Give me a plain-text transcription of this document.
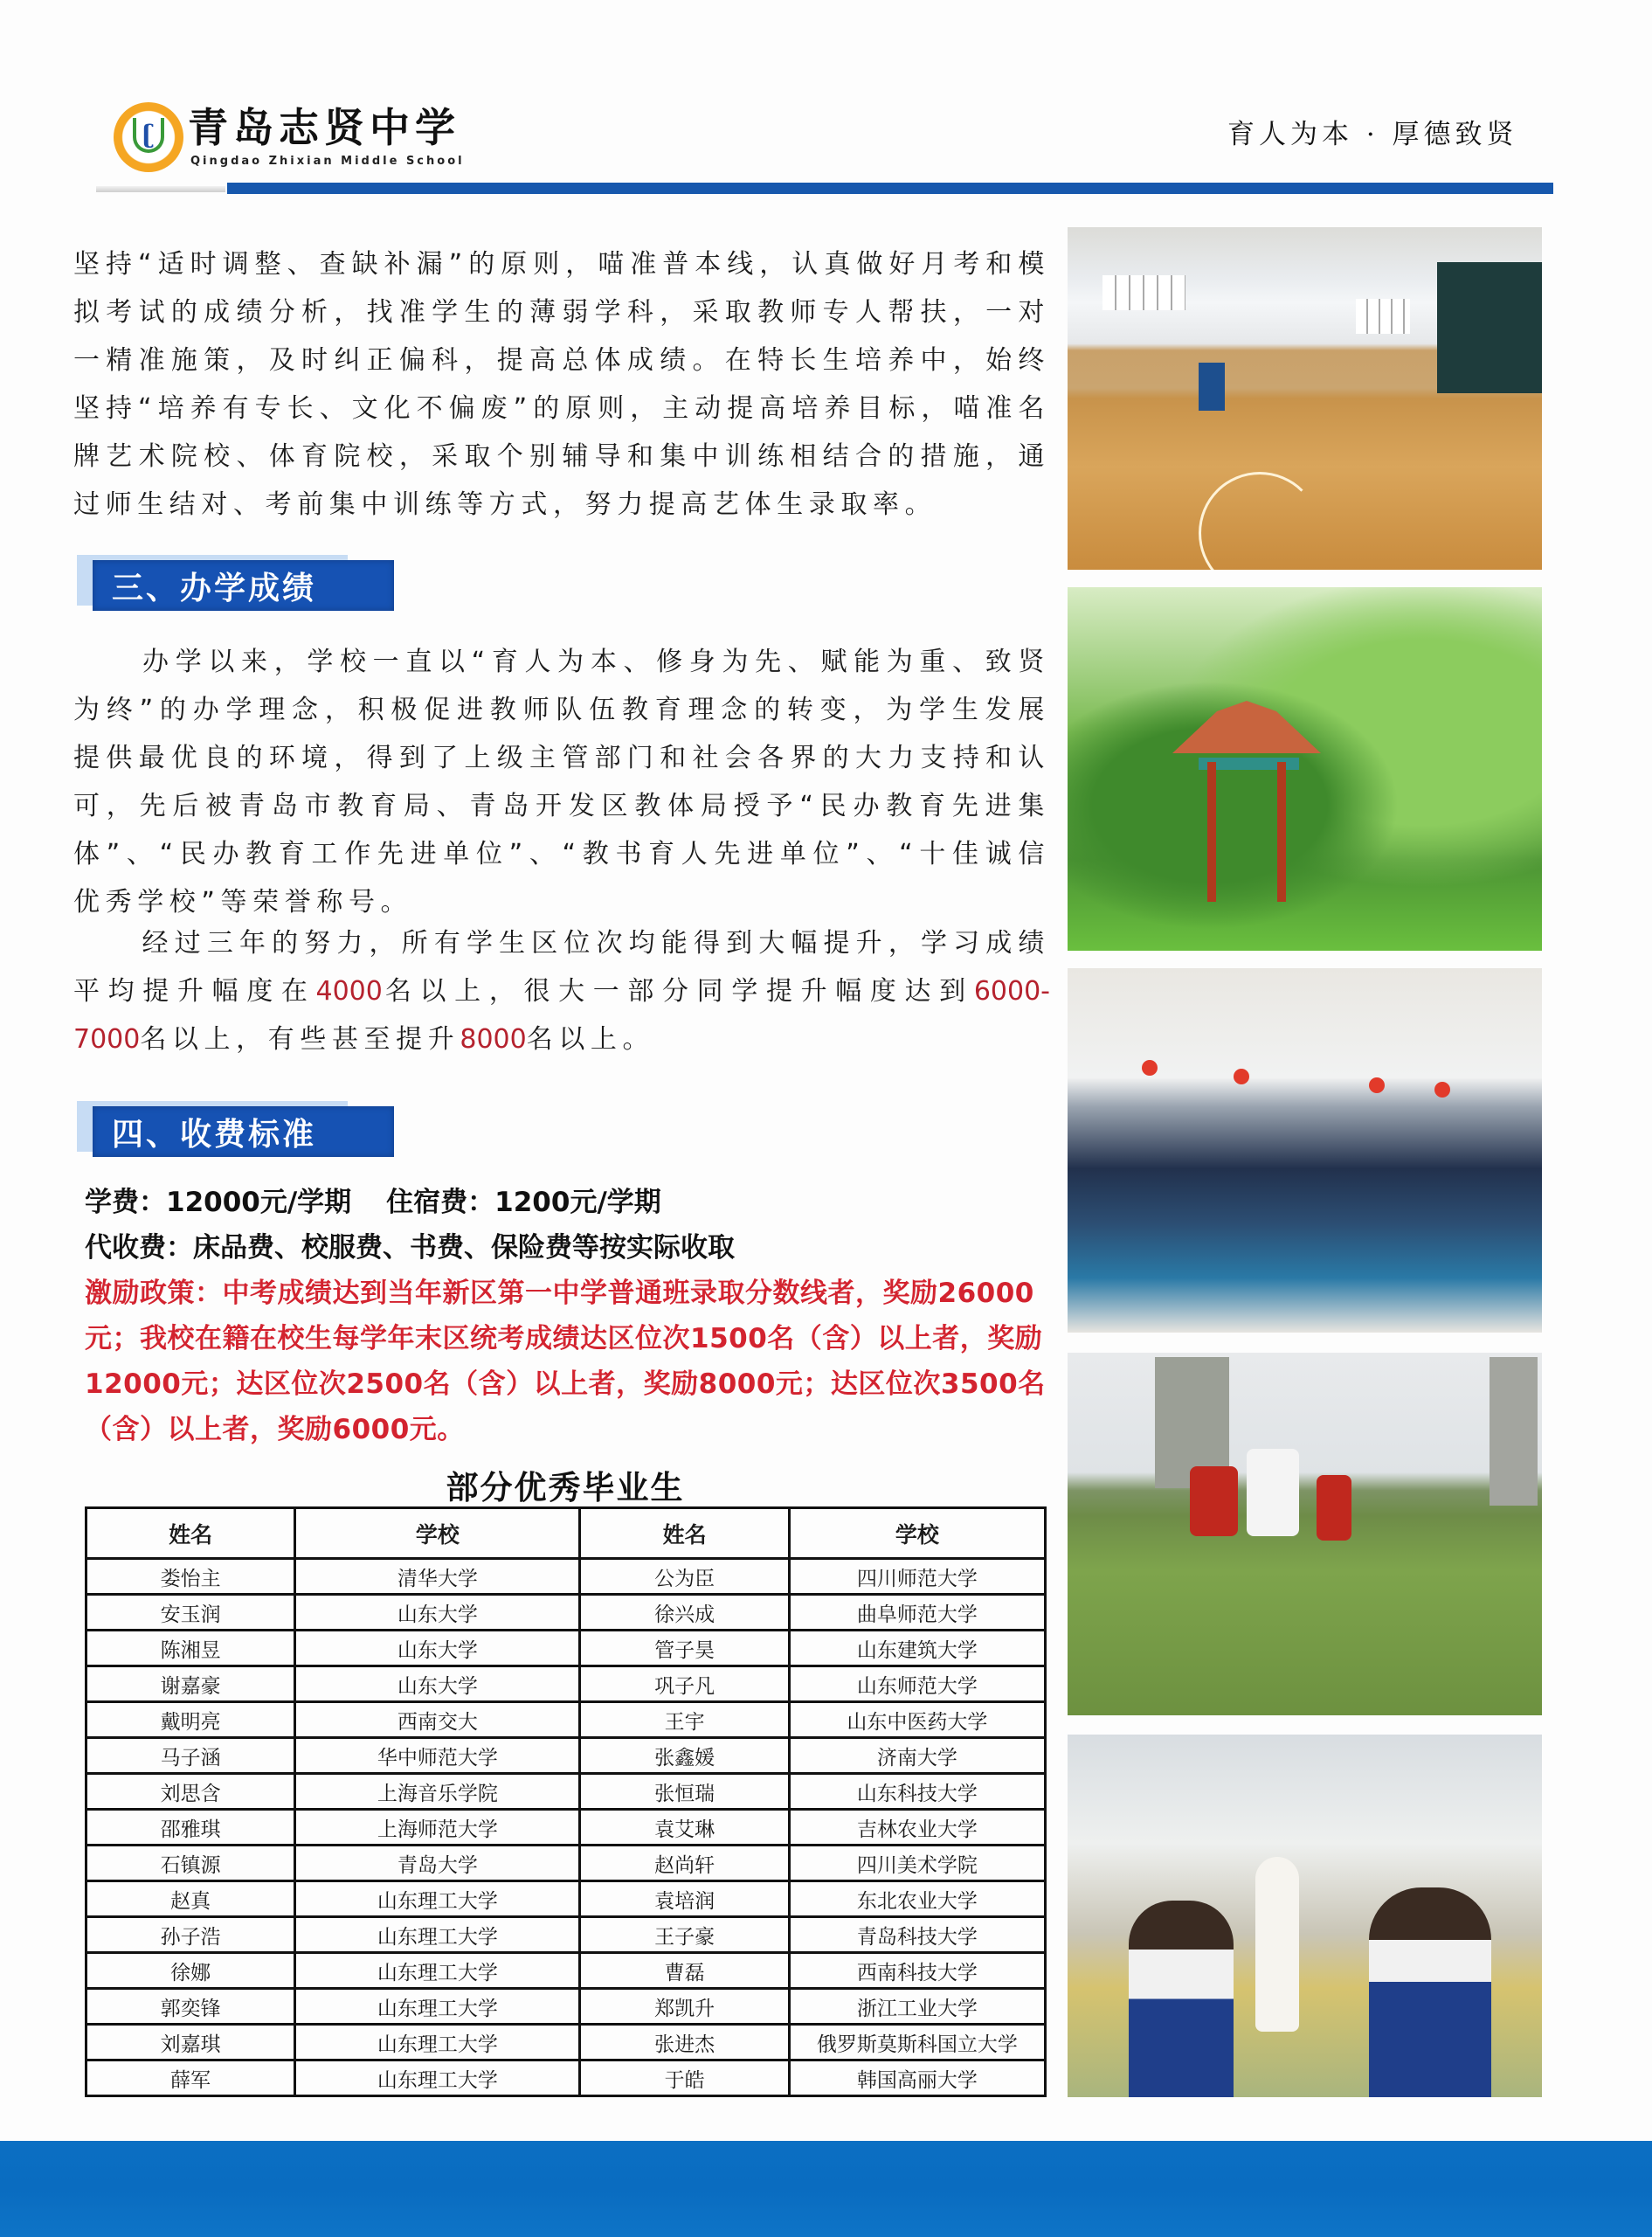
ʗ 青岛志贤中学
Qingdao Zhixian Middle School
育人为本 · 厚德致贤

坚持“适时调整、查缺补漏”的原则，喵准普本线，认真做好月考和模拟考试的成绩分析，找准学生的薄弱学科，采取教师专人帮扶，一对一精准施策，及时纠正偏科，提高总体成绩。在特长生培养中，始终坚持“培养有专长、文化不偏废”的原则，主动提高培养目标，喵准名牌艺术院校、体育院校，采取个别辅导和集中训练相结合的措施，通过师生结对、考前集中训练等方式，努力提高艺体生录取率。

三、办学成绩

办学以来，学校一直以“育人为本、修身为先、赋能为重、致贤为终”的办学理念，积极促进教师队伍教育理念的转变，为学生发展提供最优良的环境，得到了上级主管部门和社会各界的大力支持和认可，先后被青岛市教育局、青岛开发区教体局授予“民办教育先进集体”、“民办教育工作先进单位”、“教书育人先进单位”、“十佳诚信优秀学校”等荣誉称号。

经过三年的努力，所有学生区位次均能得到大幅提升，学习成绩平均提升幅度在4000名以上，很大一部分同学提升幅度达到6000-7000名以上，有些甚至提升8000名以上。

四、收费标准
学费：12000元/学期 住宿费：1200元/学期
代收费：床品费、校服费、书费、保险费等按实际收取
激励政策：中考成绩达到当年新区第一中学普通班录取分数线者，奖励26000元；我校在籍在校生每学年末区统考成绩达区位次1500名（含）以上者，奖励12000元；达区位次2500名（含）以上者，奖励8000元；达区位次3500名（含）以上者，奖励6000元。
部分优秀毕业生
姓名	学校	姓名	学校
娄怡主	清华大学	公为臣	四川师范大学
安玉润	山东大学	徐兴成	曲阜师范大学
陈湘昱	山东大学	管子昊	山东建筑大学
谢嘉豪	山东大学	巩子凡	山东师范大学
戴明亮	西南交大	王宇	山东中医药大学
马子涵	华中师范大学	张鑫媛	济南大学
刘思含	上海音乐学院	张恒瑞	山东科技大学
邵雅琪	上海师范大学	袁艾琳	吉林农业大学
石镇源	青岛大学	赵尚轩	四川美术学院
赵真	山东理工大学	袁培润	东北农业大学
孙子浩	山东理工大学	王子豪	青岛科技大学
徐娜	山东理工大学	曹磊	西南科技大学
郭奕锋	山东理工大学	郑凯升	浙江工业大学
刘嘉琪	山东理工大学	张进杰	俄罗斯莫斯科国立大学
薛军	山东理工大学	于皓	韩国高丽大学
